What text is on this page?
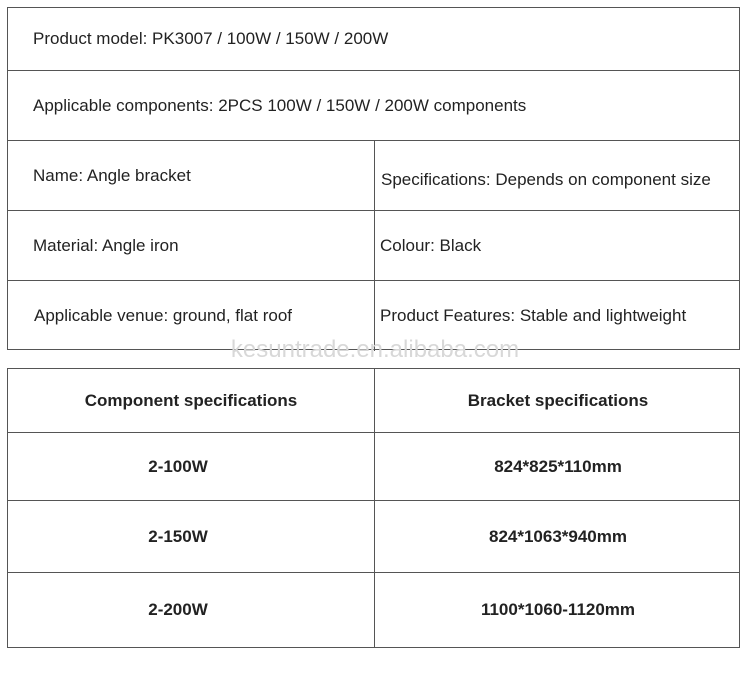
Product model: PK3007 / 100W / 150W / 200W
Applicable components: 2PCS 100W / 150W / 200W components
Name: Angle bracket	Specifications: Depends on component size
Material: Angle iron	Colour: Black
Applicable venue: ground, flat roof	Product Features: Stable and lightweight
kesuntrade.en.alibaba.com
Component specifications	Bracket specifications
2-100W	824*825*110mm
2-150W	824*1063*940mm
2-200W	1100*1060-1120mm
